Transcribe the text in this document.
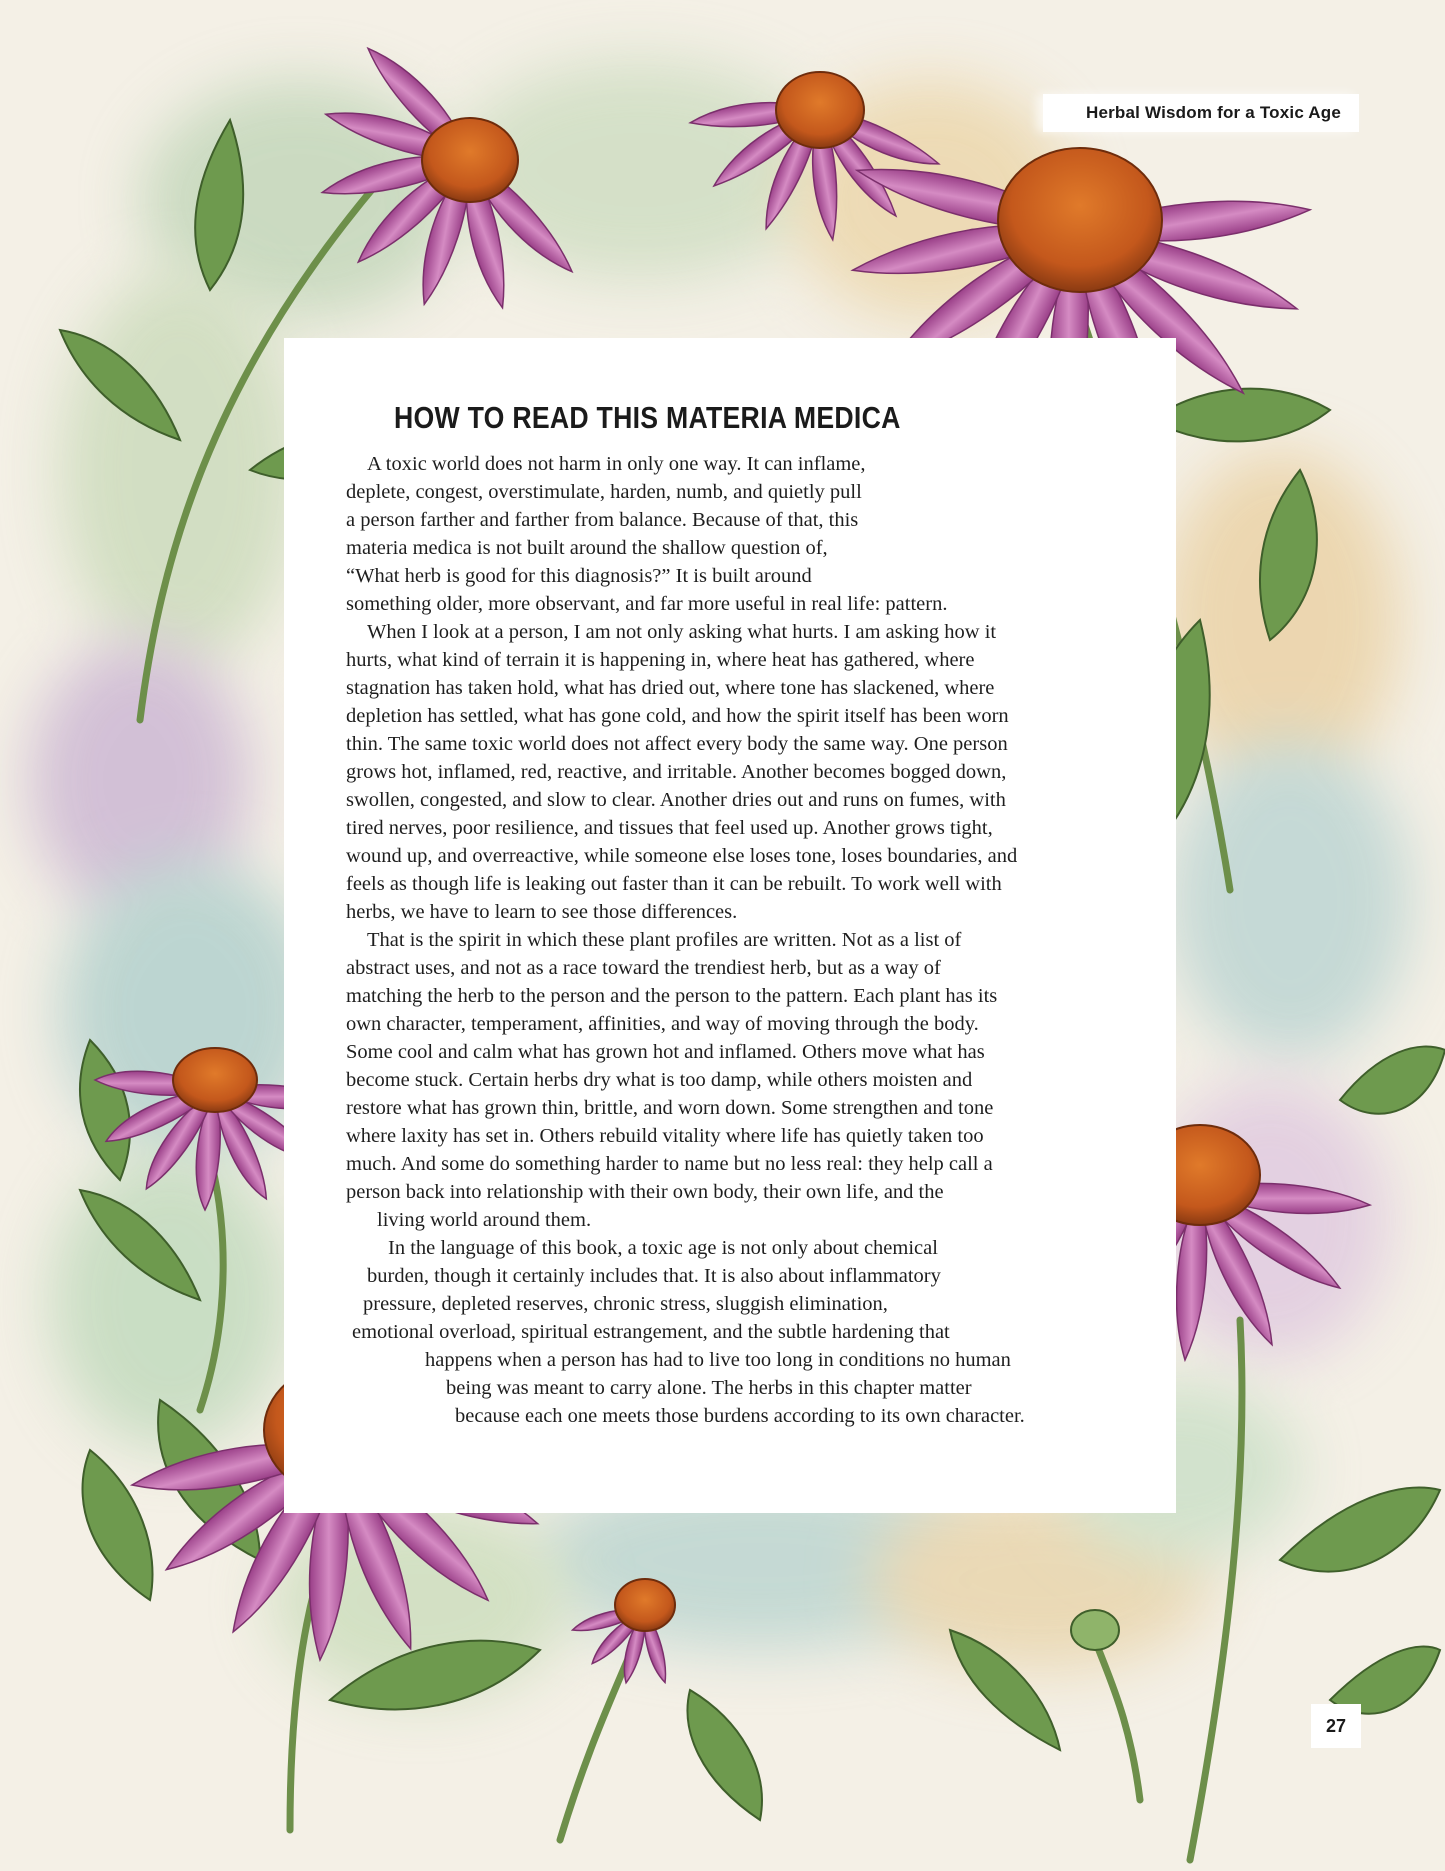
Herbal Wisdom for a Toxic Age
HOW TO READ THIS MATERIA MEDICA
A toxic world does not harm in only one way. It can inflame,
deplete, congest, overstimulate, harden, numb, and quietly pull
a person farther and farther from balance. Because of that, this
materia medica is not built around the shallow question of,
“What herb is good for this diagnosis?” It is built around
something older, more observant, and far more useful in real life: pattern.
When I look at a person, I am not only asking what hurts. I am asking how it
hurts, what kind of terrain it is happening in, where heat has gathered, where
stagnation has taken hold, what has dried out, where tone has slackened, where
depletion has settled, what has gone cold, and how the spirit itself has been worn
thin. The same toxic world does not affect every body the same way. One person
grows hot, inflamed, red, reactive, and irritable. Another becomes bogged down,
swollen, congested, and slow to clear. Another dries out and runs on fumes, with
tired nerves, poor resilience, and tissues that feel used up. Another grows tight,
wound up, and overreactive, while someone else loses tone, loses boundaries, and
feels as though life is leaking out faster than it can be rebuilt. To work well with
herbs, we have to learn to see those differences.
That is the spirit in which these plant profiles are written. Not as a list of
abstract uses, and not as a race toward the trendiest herb, but as a way of
matching the herb to the person and the person to the pattern. Each plant has its
own character, temperament, affinities, and way of moving through the body.
Some cool and calm what has grown hot and inflamed. Others move what has
become stuck. Certain herbs dry what is too damp, while others moisten and
restore what has grown thin, brittle, and worn down. Some strengthen and tone
where laxity has set in. Others rebuild vitality where life has quietly taken too
much. And some do something harder to name but no less real: they help call a
person back into relationship with their own body, their own life, and the
living world around them.
In the language of this book, a toxic age is not only about chemical
burden, though it certainly includes that. It is also about inflammatory
pressure, depleted reserves, chronic stress, sluggish elimination,
emotional overload, spiritual estrangement, and the subtle hardening that
happens when a person has had to live too long in conditions no human
being was meant to carry alone. The herbs in this chapter matter
because each one meets those burdens according to its own character.
27
